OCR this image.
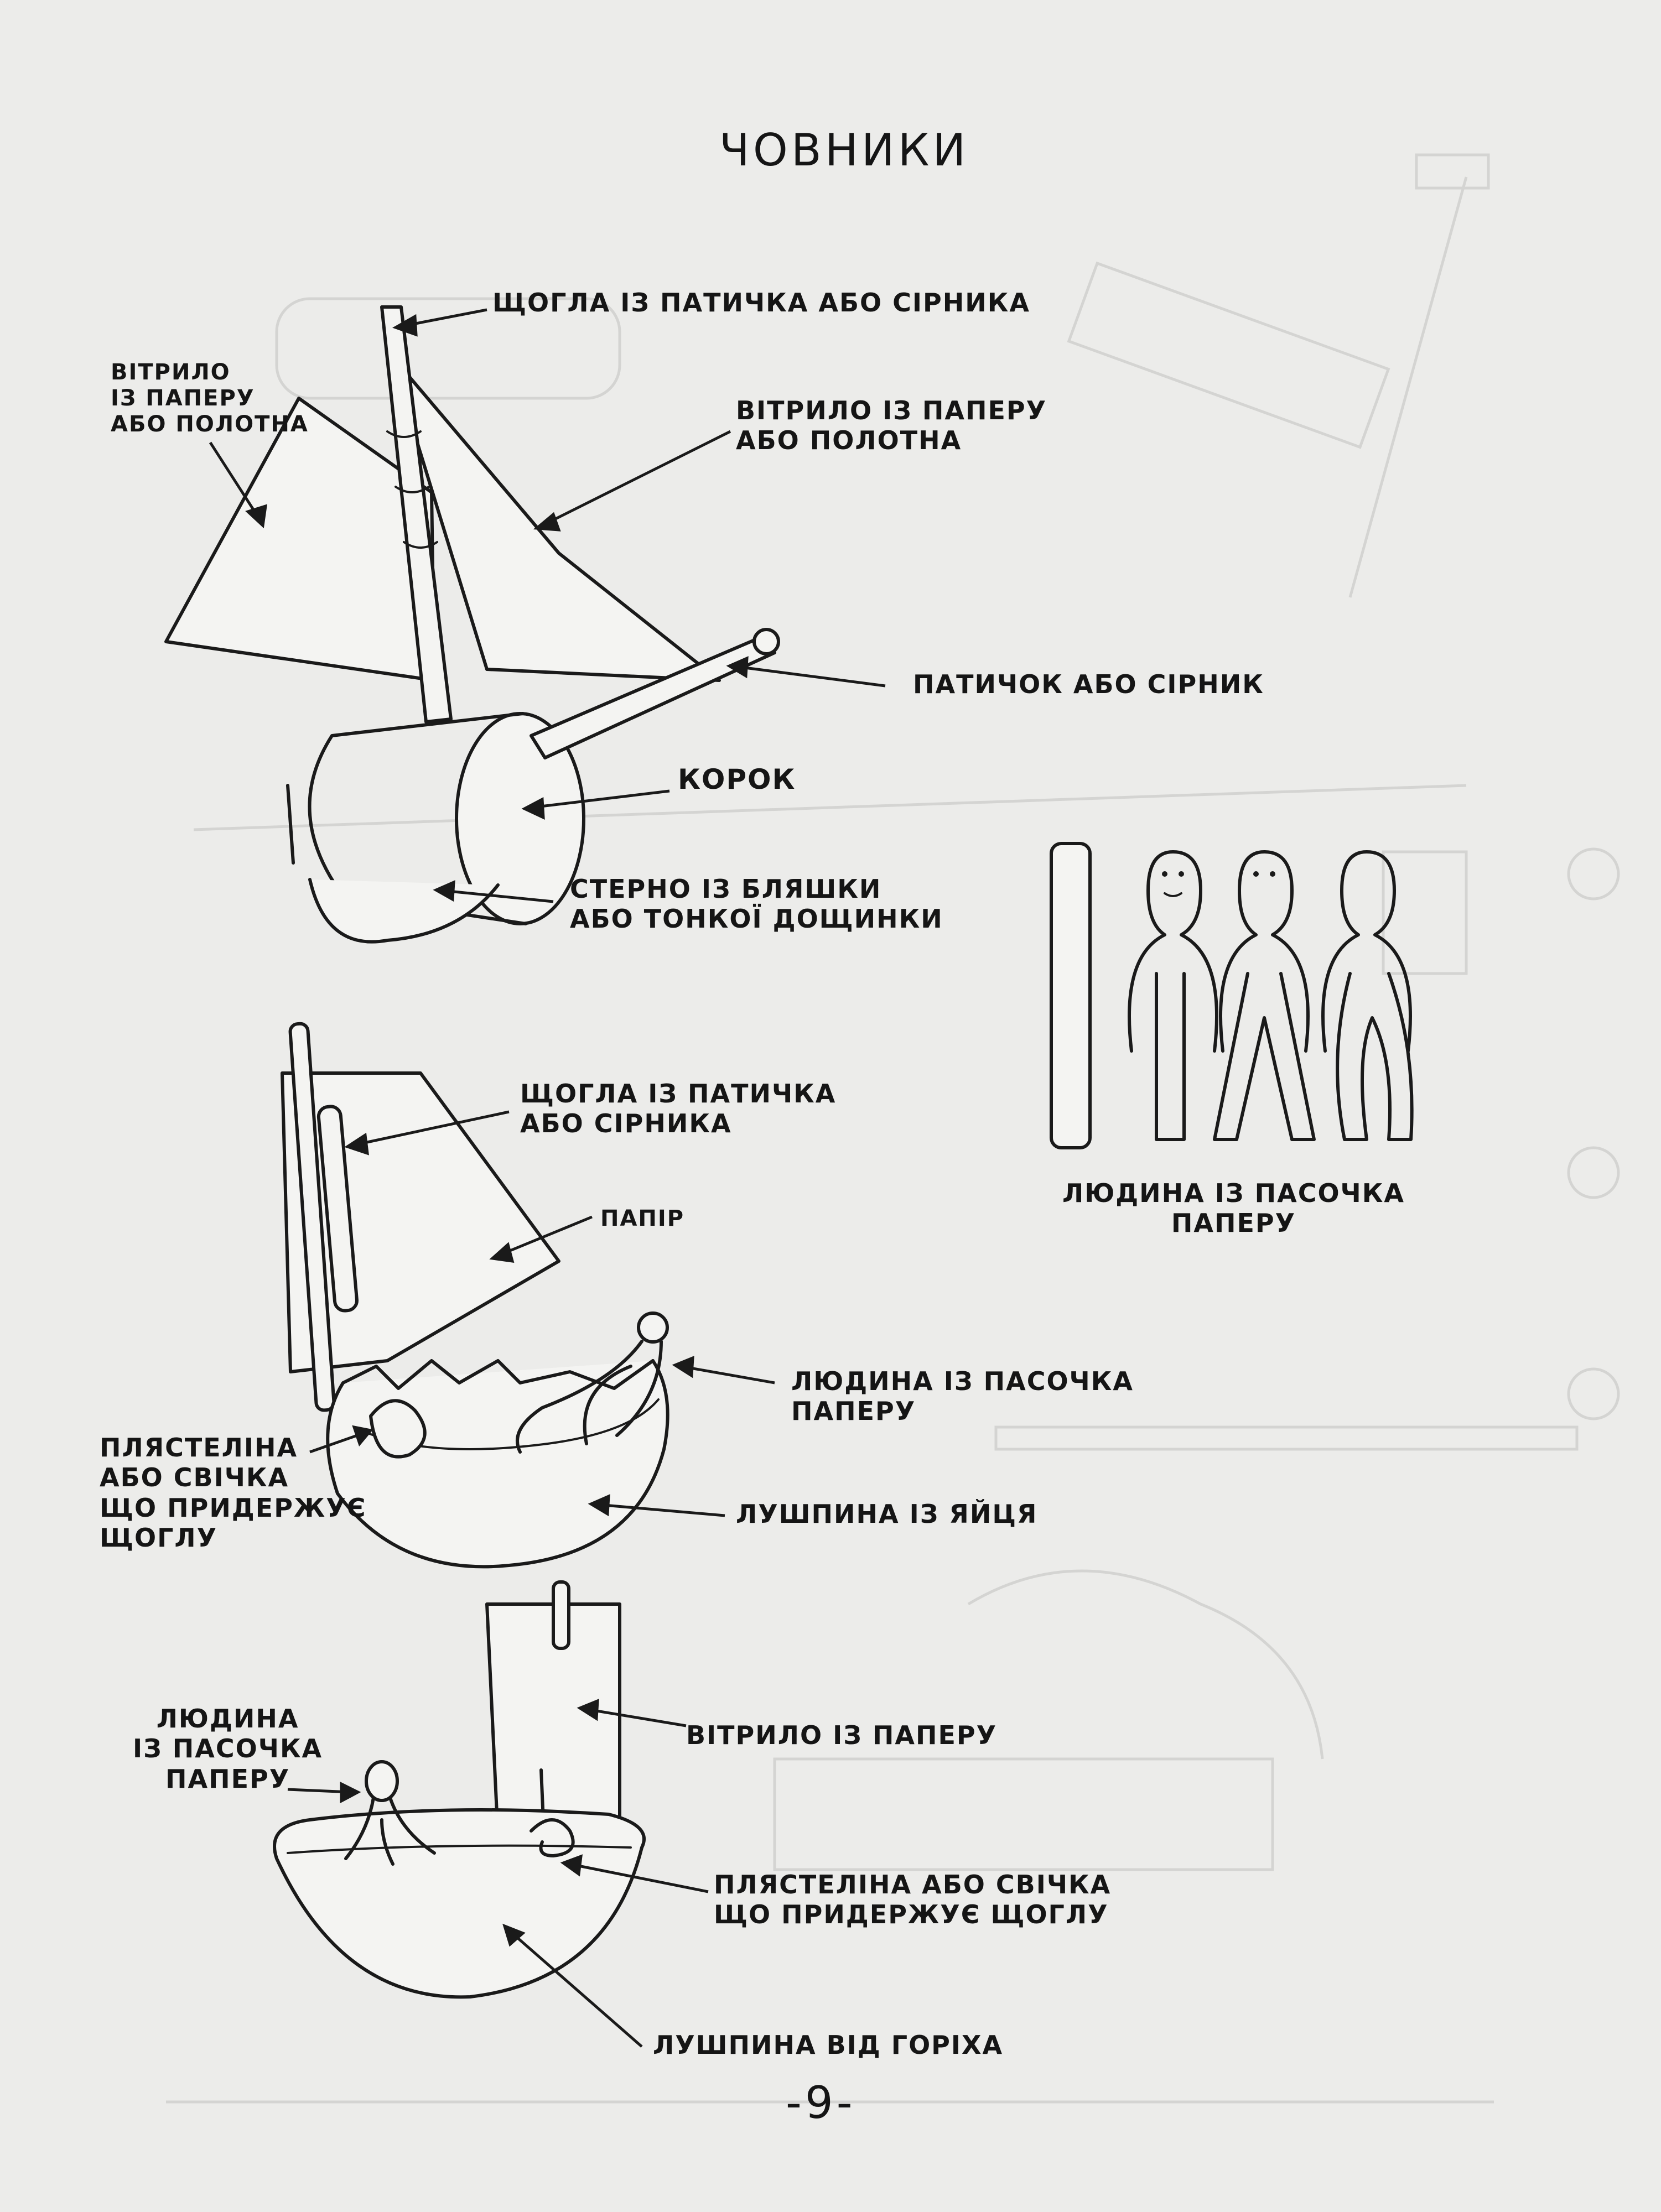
ЧОВНИКИ
ЩОГЛА ІЗ ПАТИЧКА АБО СІРНИКА
ВІТРИЛО
ІЗ ПАПЕРУ
АБО ПОЛОТНА	ВІТРИЛО ІЗ ПАПЕРУ
АБО ПОЛОТНА
ПАТИЧОК АБО СІРНИК
КОРОК
СТЕРНО ІЗ БЛЯШКИ
АБО ТОНКОЇ ДОЩИНКИ
ЛЮДИНА ІЗ ПАСОЧКА
ПАПЕРУ
ЩОГЛА ІЗ ПАТИЧКА
АБО СІРНИКА
ПАПІР
ЛЮДИНА ІЗ ПАСОЧКА
ПАПЕРУ
ПЛЯСТЕЛІНА
АБО СВІЧКА
ЩО ПРИДЕРЖУЄ
ЩОГЛУ
ЛУШПИНА ІЗ ЯЙЦЯ
ВІТРИЛО ІЗ ПАПЕРУ
ЛЮДИНА
ІЗ ПАСОЧКА
ПАПЕРУ
ПЛЯСТЕЛІНА АБО СВІЧКА
ЩО ПРИДЕРЖУЄ ЩОГЛУ
ЛУШПИНА ВІД ГОРІХА
-9-
